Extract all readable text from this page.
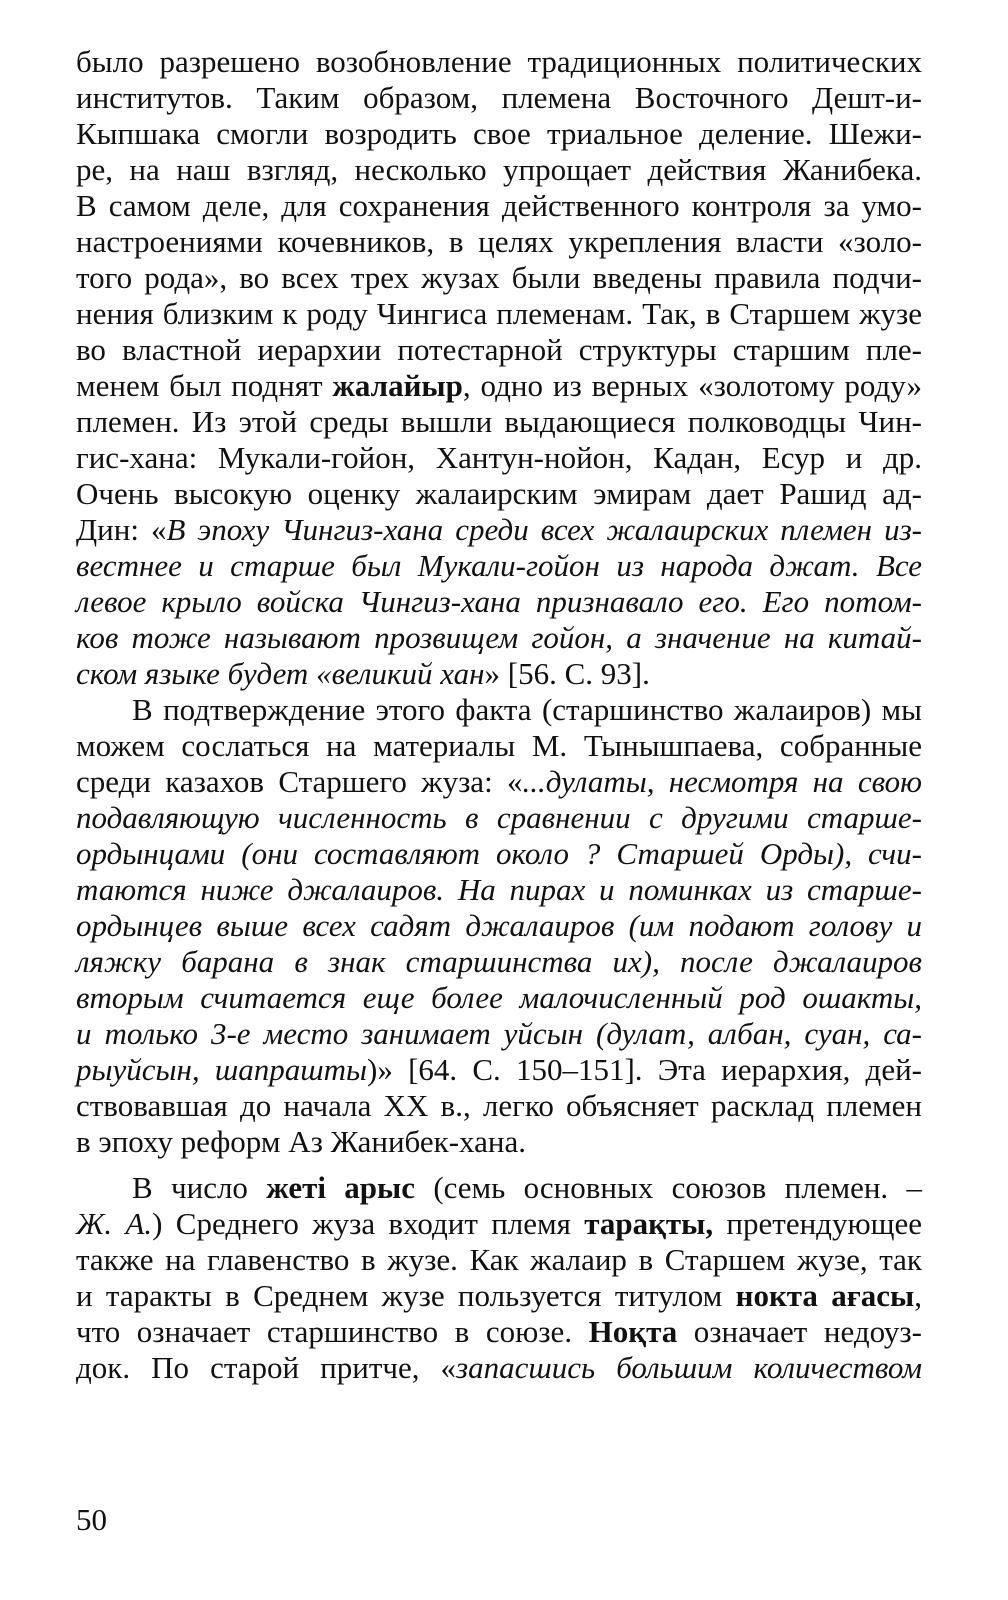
было разрешено возобновление традиционных политических

институтов. Таким образом, племена Восточного Дешт-и-

Кыпшака смогли возродить свое триальное деление. Шежи-

ре, на наш взгляд, несколько упрощает действия Жанибека.

В самом деле, для сохранения действенного контроля за умо-

настроениями кочевников, в целях укрепления власти «золо-

того рода», во всех трех жузах были введены правила подчи-

нения близким к роду Чингиса племенам. Так, в Старшем жузе

во властной иерархии потестарной структуры старшим пле-

менем был поднят жалайыр, одно из верных «золотому роду»

племен. Из этой среды вышли выдающиеся полководцы Чин-

гис-хана: Мукали-гойон, Хантун-нойон, Кадан, Есур и др.

Очень высокую оценку жалаирским эмирам дает Рашид ад-

Дин: «В эпоху Чингиз-хана среди всех жалаирских племен из-

вестнее и старше был Мукали-гойон из народа джат. Все

левое крыло войска Чингиз-хана признавало его. Его потом-

ков тоже называют прозвищем гойон, а значение на китай-

ском языке будет «великий хан» [56. С. 93].

В подтверждение этого факта (старшинство жалаиров) мы

можем сослаться на материалы М. Тынышпаева, собранные

среди казахов Старшего жуза: «...дулаты, несмотря на свою

подавляющую численность в сравнении с другими старше-

ордынцами (они составляют около ? Старшей Орды), счи-

таются ниже джалаиров. На пирах и поминках из старше-

ордынцев выше всех садят джалаиров (им подают голову и

ляжку барана в знак старшинства их), после джалаиров

вторым считается еще более малочисленный род ошакты,

и только 3-е место занимает уйсын (дулат, албан, суан, са-

рыуйсын, шапрашты)» [64. С. 150–151]. Эта иерархия, дей-

ствовавшая до начала XX в., легко объясняет расклад племен

в эпоху реформ Аз Жанибек-хана.

В число жеті арыс (семь основных союзов племен. –

Ж. А.) Среднего жуза входит племя тарақты, претендующее

также на главенство в жузе. Как жалаир в Старшем жузе, так

и таракты в Среднем жузе пользуется титулом нокта ағасы,

что означает старшинство в союзе. Ноқта означает недоуз-

док. По старой притче, «запасшись большим количеством

50
